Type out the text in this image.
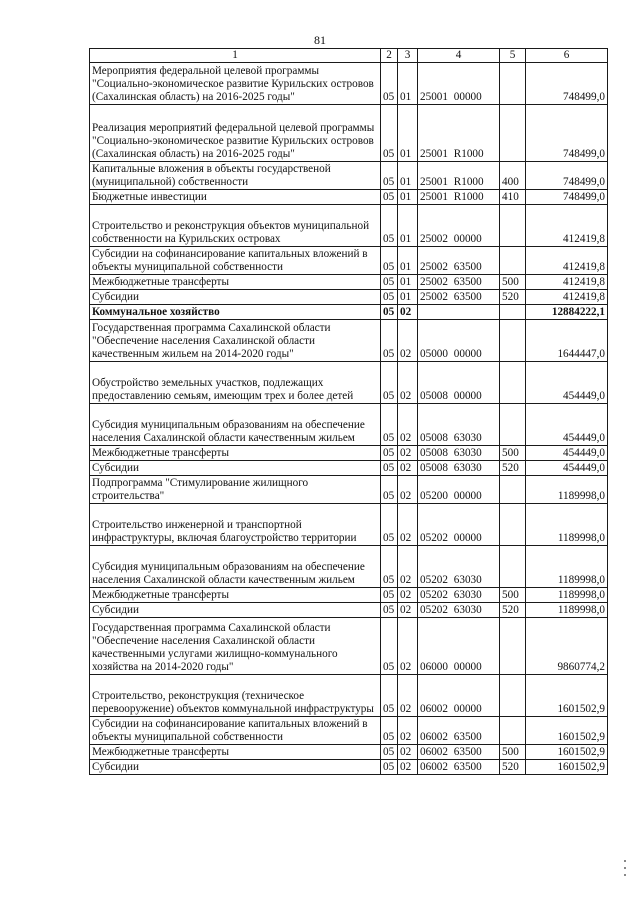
81
1	2	3	4	5	6
Мероприятия федеральной целевой программы "Социально-экономическое развитие Курильских островов (Сахалинская область) на 2016-2025 годы"	05	01	25001 00000		748499,0
Реализация мероприятий федеральной целевой программы "Социально-экономическое развитие Курильских островов (Сахалинская область) на 2016-2025 годы"	05	01	25001 R1000		748499,0
Капитальные вложения в объекты государственой (муниципальной) собственности	05	01	25001 R1000	400	748499,0
Бюджетные инвестиции	05	01	25001 R1000	410	748499,0
Строительство и реконструкция объектов муниципальной собственности на Курильских островах	05	01	25002 00000		412419,8
Субсидии на софинансирование капитальных вложений в объекты муниципальной собственности	05	01	25002 63500		412419,8
Межбюджетные трансферты	05	01	25002 63500	500	412419,8
Субсидии	05	01	25002 63500	520	412419,8
Коммунальное хозяйство	05	02			12884222,1
Государственная программа Сахалинской области "Обеспечение населения Сахалинской области качественным жильем на 2014-2020 годы"	05	02	05000 00000		1644447,0
Обустройство земельных участков, подлежащих предоставлению семьям, имеющим трех и более детей	05	02	05008 00000		454449,0
Субсидия муниципальным образованиям на обеспечение населения Сахалинской области качественным жильем	05	02	05008 63030		454449,0
Межбюджетные трансферты	05	02	05008 63030	500	454449,0
Субсидии	05	02	05008 63030	520	454449,0
Подпрограмма "Стимулирование жилищного строительства"	05	02	05200 00000		1189998,0
Строительство инженерной и транспортной инфраструктуры, включая благоустройство территории	05	02	05202 00000		1189998,0
Субсидия муниципальным образованиям на обеспечение населения Сахалинской области качественным жильем	05	02	05202 63030		1189998,0
Межбюджетные трансферты	05	02	05202 63030	500	1189998,0
Субсидии	05	02	05202 63030	520	1189998,0
Государственная программа Сахалинской области "Обеспечение населения Сахалинской области качественными услугами жилищно-коммунального хозяйства на 2014-2020 годы"	05	02	06000 00000		9860774,2
Строительство, реконструкция (техническое перевооружение) объектов коммунальной инфраструктуры	05	02	06002 00000		1601502,9
Субсидии на софинансирование капитальных вложений в объекты муниципальной собственности	05	02	06002 63500		1601502,9
Межбюджетные трансферты	05	02	06002 63500	500	1601502,9
Субсидии	05	02	06002 63500	520	1601502,9
